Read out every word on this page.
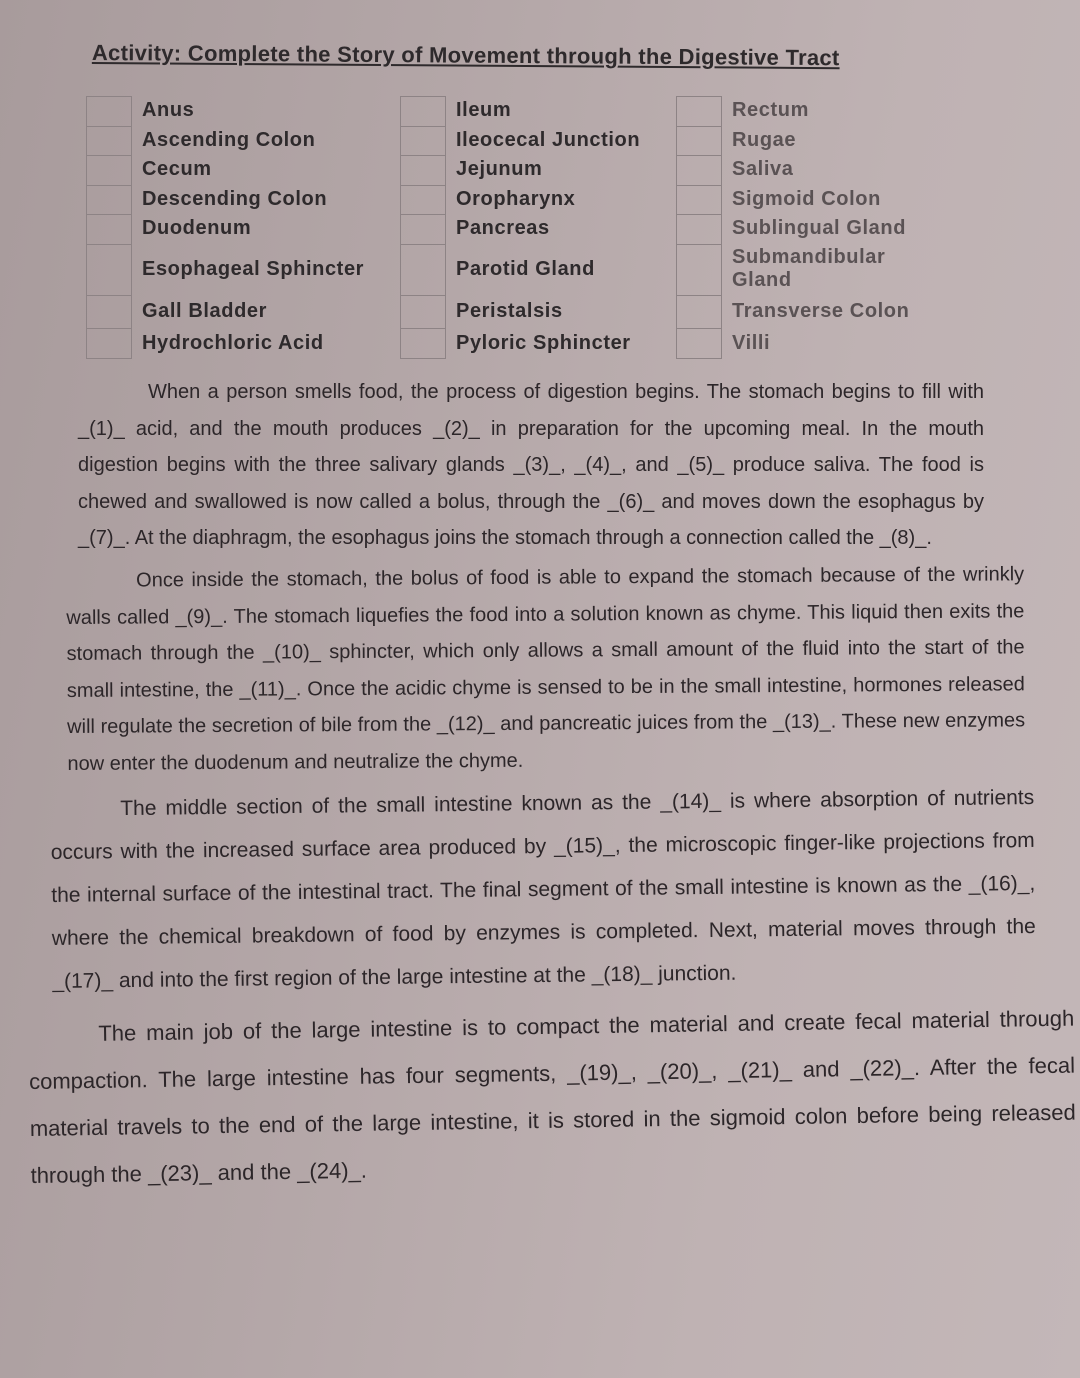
Activity: Complete the Story of Movement through the Digestive Tract
Anus
Ascending Colon
Cecum
Descending Colon
Duodenum
Esophageal Sphincter
Gall Bladder
Hydrochloric Acid
Ileum
Ileocecal Junction
Jejunum
Oropharynx
Pancreas
Parotid Gland
Peristalsis
Pyloric Sphincter
Rectum
Rugae
Saliva
Sigmoid Colon
Sublingual Gland
Submandibular Gland
Transverse Colon
Villi

When a person smells food, the process of digestion begins. The stomach begins to fill with _(1)_ acid, and the mouth produces _(2)_ in preparation for the upcoming meal. In the mouth digestion begins with the three salivary glands _(3)_, _(4)_, and _(5)_ produce saliva. The food is chewed and swallowed is now called a bolus, through the _(6)_ and moves down the esophagus by _(7)_. At the diaphragm, the esophagus joins the stomach through a connection called the _(8)_.

Once inside the stomach, the bolus of food is able to expand the stomach because of the wrinkly walls called _(9)_. The stomach liquefies the food into a solution known as chyme. This liquid then exits the stomach through the _(10)_ sphincter, which only allows a small amount of the fluid into the start of the small intestine, the _(11)_. Once the acidic chyme is sensed to be in the small intestine, hormones released will regulate the secretion of bile from the _(12)_ and pancreatic juices from the _(13)_. These new enzymes now enter the duodenum and neutralize the chyme.

The middle section of the small intestine known as the _(14)_ is where absorption of nutrients occurs with the increased surface area produced by _(15)_, the microscopic finger-like projections from the internal surface of the intestinal tract. The final segment of the small intestine is known as the _(16)_, where the chemical breakdown of food by enzymes is completed. Next, material moves through the _(17)_ and into the first region of the large intestine at the _(18)_ junction.

The main job of the large intestine is to compact the material and create fecal material through compaction. The large intestine has four segments, _(19)_, _(20)_, _(21)_ and _(22)_. After the fecal material travels to the end of the large intestine, it is stored in the sigmoid colon before being released through the _(23)_ and the _(24)_.
